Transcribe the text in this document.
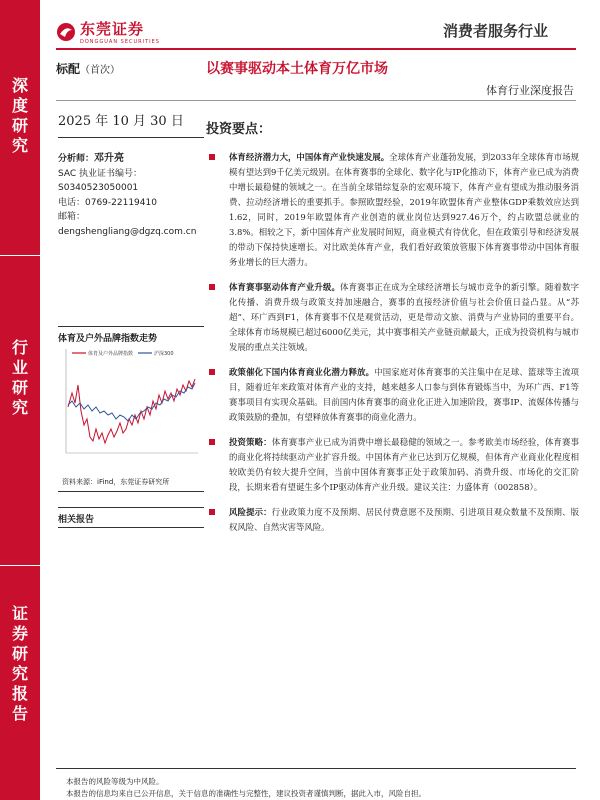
深度研究
行业研究
证券研究报告
东莞证券
DONGGUAN SECURITIES
消费者服务行业
标配（首次）	以赛事驱动本土体育万亿市场
体育行业深度报告
2025 年 10 月 30 日
分析师：邓升亮
SAC 执业证书编号：
S0340523050001
电话：0769-22119410
邮箱：
dengshengliang@dgzq.com.cn
体育及户外品牌指数走势
体育及户外品牌指数	沪深300
资料来源：iFind，东莞证券研究所
相关报告
投资要点：
体育经济潜力大，中国体育产业快速发展。全球体育产业蓬勃发展，到2033年全球体育市场规模有望达到9千亿美元级别。在体育赛事的全球化、数字化与IP化推动下，体育产业已成为消费中增长最稳健的领域之一。在当前全球错综复杂的宏观环境下，体育产业有望成为推动服务消费、拉动经济增长的重要抓手。参照欧盟经验，2019年欧盟体育产业整体GDP乘数效应达到1.62，同时，2019年欧盟体育产业创造的就业岗位达到927.46万个，约占欧盟总就业的3.8%。相较之下，新中国体育产业发展时间短，商业模式有待优化，但在政策引导和经济发展的带动下保持快速增长。对比欧美体育产业，我们看好政策放管服下体育赛事带动中国体育服务业增长的巨大潜力。
体育赛事驱动体育产业升级。体育赛事正在成为全球经济增长与城市竞争的新引擎。随着数字化传播、消费升级与政策支持加速融合，赛事的直接经济价值与社会价值日益凸显。从“苏超”、环广西到F1，体育赛事不仅是观赏活动，更是带动文旅、消费与产业协同的重要平台。全球体育市场规模已超过6000亿美元，其中赛事相关产业链贡献最大，正成为投资机构与城市发展的重点关注领域。
政策催化下国内体育商业化潜力释放。中国家庭对体育赛事的关注集中在足球、篮球等主流项目，随着近年来政策对体育产业的支持，越来越多人口参与到体育锻炼当中，为环广西、F1等赛事项目有实现众基础。目前国内体育赛事的商业化正进入加速阶段，赛事IP、流媒体传播与政策鼓励的叠加，有望释放体育赛事的商业化潜力。
投资策略：体育赛事产业已成为消费中增长最稳健的领域之一。参考欧美市场经验，体育赛事的商业化将持续驱动产业扩容升级。中国体育产业已达到万亿规模，但体育产业商业化程度相较欧美仍有较大提升空间，当前中国体育赛事正处于政策加码、消费升级、市场化的交汇阶段，长期来看有望诞生多个IP驱动体育产业升级。建议关注：力盛体育（002858）。
风险提示：行业政策力度不及预期、居民付费意愿不及预期、引进项目观众数量不及预期、版权风险、自然灾害等风险。
本报告的风险等级为中风险。
本报告的信息均来自已公开信息，关于信息的准确性与完整性，建议投资者谨慎判断，据此入市，风险自担。
